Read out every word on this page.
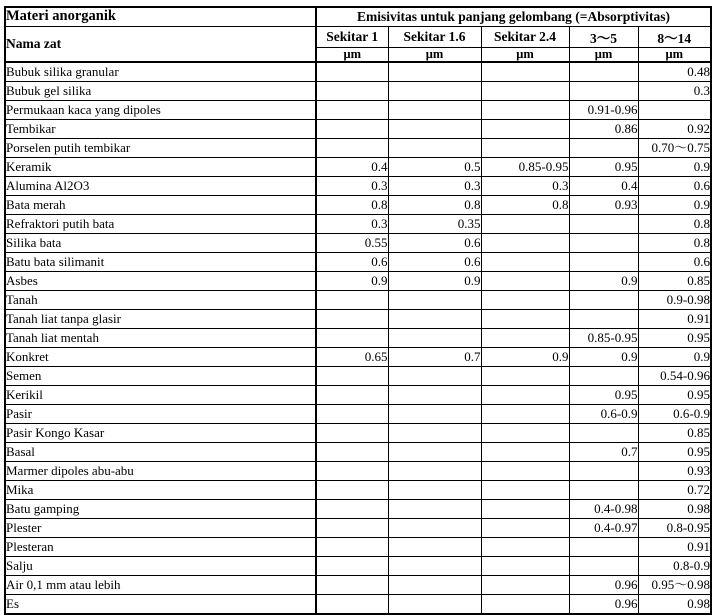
Materi anorganik	Emisivitas untuk panjang gelombang (=Absorptivitas)				
Nama zat	Sekitar 1	Sekitar 1.6	Sekitar 2.4	3〜5	8〜14
	μm	μm	μm	μm	μm
Bubuk silika granular					0.48
Bubuk gel silika					0.3
Permukaan kaca yang dipoles				0.91-0.96	
Tembikar				0.86	0.92
Porselen putih tembikar					0.70〜0.75
Keramik	0.4	0.5	0.85-0.95	0.95	0.9
Alumina Al2O3	0.3	0.3	0.3	0.4	0.6
Bata merah	0.8	0.8	0.8	0.93	0.9
Refraktori putih bata	0.3	0.35			0.8
Silika bata	0.55	0.6			0.8
Batu bata silimanit	0.6	0.6			0.6
Asbes	0.9	0.9		0.9	0.85
Tanah					0.9-0.98
Tanah liat tanpa glasir					0.91
Tanah liat mentah				0.85-0.95	0.95
Konkret	0.65	0.7	0.9	0.9	0.9
Semen					0.54-0.96
Kerikil				0.95	0.95
Pasir				0.6-0.9	0.6-0.9
Pasir Kongo Kasar					0.85
Basal				0.7	0.95
Marmer dipoles abu-abu					0.93
Mika					0.72
Batu gamping				0.4-0.98	0.98
Plester				0.4-0.97	0.8-0.95
Plesteran					0.91
Salju					0.8-0.9
Air 0,1 mm atau lebih				0.96	0.95〜0.98
Es				0.96	0.98
